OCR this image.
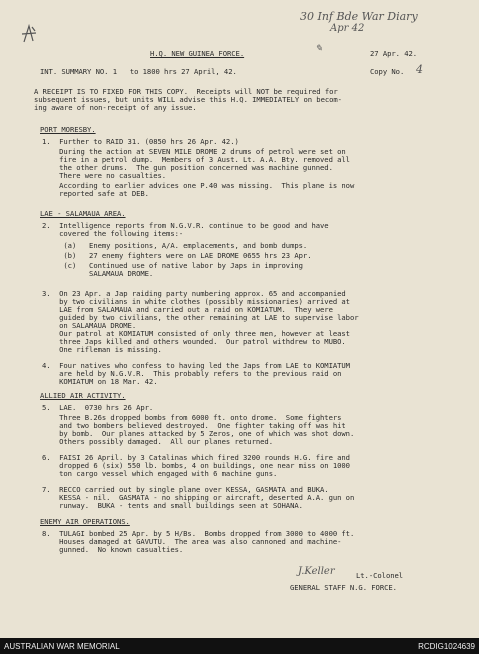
30 Inf Bde War Diary
Apr 42
✎
H.Q. NEW GUINEA FORCE.	27 Apr. 42.
Copy No. 4
INT. SUMMARY NO. 1   to 1800 hrs 27 April, 42.
A RECEIPT IS TO FIXED FOR THIS COPY.  Receipts will NOT be required for
subsequent issues, but units WILL advise this H.Q. IMMEDIATELY on becom-
ing aware of non-receipt of any issue.
PORT MORESBY.
1.  Further to RAID 31. (0850 hrs 26 Apr. 42.)
During the action at SEVEN MILE DROME 2 drums of petrol were set on
fire in a petrol dump.  Members of 3 Aust. Lt. A.A. Bty. removed all
the other drums.  The gun position concerned was machine gunned.
There were no casualties.
According to earlier advices one P.40 was missing.  This plane is now
reported safe at DEB.
LAE - SALAMAUA AREA.
2.  Intelligence reports from N.G.V.R. continue to be good and have
covered the following items:-
(a)   Enemy positions, A/A. emplacements, and bomb dumps.
(b)   27 enemy fighters were on LAE DROME 0655 hrs 23 Apr.
(c)   Continued use of native labor by Japs in improving
SALAMAUA DROME.
3.  On 23 Apr. a Jap raiding party numbering approx. 65 and accompanied
by two civilians in white clothes (possibly missionaries) arrived at
LAE from SALAMAUA and carried out a raid on KOMIATUM.  They were
guided by two civilians, the other remaining at LAE to supervise labor
on SALAMAUA DROME.
Our patrol at KOMIATUM consisted of only three men, however at least
three Japs killed and others wounded.  Our patrol withdrew to MUBO.
One rifleman is missing.
4.  Four natives who confess to having led the Japs from LAE to KOMIATUM
are held by N.G.V.R.  This probably refers to the previous raid on
KOMIATUM on 18 Mar. 42.
ALLIED AIR ACTIVITY.
5.  LAE.  0730 hrs 26 Apr.
Three B.26s dropped bombs from 6000 ft. onto drome.  Some fighters
and two bombers believed destroyed.  One fighter taking off was hit
by bomb.  Our planes attacked by 5 Zeros, one of which was shot down.
Others possibly damaged.  All our planes returned.
6.  FAISI 26 April. by 3 Catalinas which fired 3200 rounds H.G. fire and
dropped 6 (six) 550 lb. bombs, 4 on buildings, one near miss on 1000
ton cargo vessel which engaged with 6 machine guns.
7.  RECCO carried out by single plane over KESSA, GASMATA and BUKA.
KESSA - nil.  GASMATA - no shipping or aircraft, deserted A.A. gun on
runway.  BUKA - tents and small buildings seen at SOHANA.
ENEMY AIR OPERATIONS.
8.  TULAGI bombed 25 Apr. by 5 H/Bs.  Bombs dropped from 3000 to 4000 ft.
Houses damaged at GAVUTU.  The area was also cannoned and machine-
gunned.  No known casualties.
J.Keller	Lt.-Colonel
GENERAL STAFF N.G. FORCE.
AUSTRALIAN WAR MEMORIAL	RCDIG1024639
